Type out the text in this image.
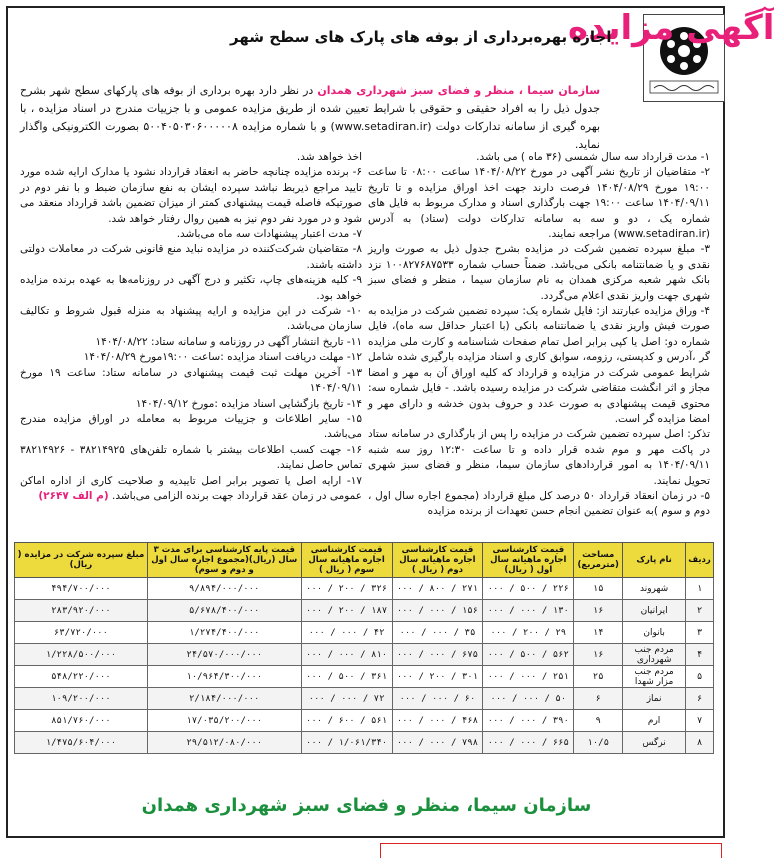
آگهی مزایده
اجازه بهره‌برداری از بوفه های پارک های سطح شهر
سازمان سیما ، منظر و فضای سبز شهرداری همدان در نظر دارد بهره برداری از بوفه های پارکهای سطح شهر بشرح جدول ذیل را به افراد حقیقی و حقوقی با شرایط تعیین شده از طریق مزایده عمومی و با جزییات مندرج در اسناد مزایده ، با بهره گیری از سامانه تدارکات دولت (www.setadiran.ir) و با شماره مزایده ۵۰۰۴۰۵۰۳۰۶۰۰۰۰۰۸ بصورت الکترونیکی واگذار نماید.

۱- مدت قرارداد سه سال شمسی (۳۶ ماه ) می باشد.

۲- متقاضیان از تاریخ نشر آگهی در مورخ ۱۴۰۴/۰۸/۲۲ ساعت ۰۸:۰۰ تا ساعت ۱۹:۰۰ مورخ ۱۴۰۴/۰۸/۲۹ فرصت دارند جهت اخذ اوراق مزایده و تا تاریخ ۱۴۰۴/۰۹/۱۱ ساعت ۱۹:۰۰ جهت بارگذاری اسناد و مدارک مربوط به فایل های شماره یک ، دو و سه به سامانه تدارکات دولت (ستاد) به آدرس (www.setadiran.ir) مراجعه نمایند.

۳- مبلغ سپرده تضمین شرکت در مزایده بشرح جدول ذیل به صورت واریز نقدی و یا ضمانتنامه بانکی می‌باشد. ضمناً حساب شماره ۱۰۰۸۲۷۶۸۷۵۳۳ نزد بانک شهر شعبه مرکزی همدان به نام سازمان سیما ، منظر و فضای سبز شهری جهت واریز نقدی اعلام می‌گردد.

۴- وراق مزایده عبارتند از: فایل شماره یک: سپرده تضمین شرکت در مزایده به صورت فیش واریز نقدی یا ضمانتنامه بانکی (با اعتبار حداقل سه ماه)، فایل شماره دو: اصل یا کپی برابر اصل تمام صفحات شناسنامه و کارت ملی مزایده گر ،آدرس و کدپستی، رزومه، سوابق کاری و اسناد مزایده بارگیری شده شامل شرایط عمومی شرکت در مزایده و قرارداد که کلیه اوراق آن به مهر و امضا مجاز و اثر انگشت متقاضی شرکت در مزایده رسیده باشد. - فایل شماره سه: محتوی قیمت پیشنهادی به صورت عدد و حروف بدون خدشه و دارای مهر و امضا مزایده گر است.

تذکر: اصل سپرده تضمین شرکت در مزایده را پس از بارگذاری در سامانه ستاد در پاکت مهر و موم شده قرار داده و تا ساعت ۱۲:۳۰ روز سه شنبه ۱۴۰۴/۰۹/۱۱ به امور قراردادهای سازمان سیما، منظر و فضای سبز شهری تحویل نمایند.

۵- در زمان انعقاد قرارداد ۵۰ درصد کل مبلغ قرارداد (مجموع اجاره سال اول ، دوم و سوم )به عنوان تضمین انجام حسن تعهدات از برنده مزایده

اخذ خواهد شد.

۶- برنده مزایده چنانچه حاضر به انعقاد قرارداد نشود یا مدارک ارایه شده مورد تایید مراجع ذیربط نباشد سپرده ایشان به نفع سازمان ضبط و با نفر دوم در صورتیکه فاصله قیمت پیشنهادی کمتر از میزان تضمین باشد قرارداد منعقد می شود و در مورد نفر دوم نیز به همین روال رفتار خواهد شد.

۷- مدت اعتبار پیشنهادات سه ماه می‌باشد.

۸- متقاضیان شرکت‌کننده در مزایده نباید منع قانونی شرکت در معاملات دولتی داشته باشند.

۹- کلیه هزینه‌های چاپ، تکثیر و درج آگهی در روزنامه‌ها به عهده برنده مزایده خواهد بود.

۱۰- شرکت در این مزایده و ارایه پیشنهاد به منزله قبول شروط و تکالیف سازمان می‌باشد.

۱۱- تاریخ انتشار آگهی در روزنامه و سامانه ستاد: ۱۴۰۴/۰۸/۲۲

۱۲- مهلت دریافت اسناد مزایده :ساعت ۱۹:۰۰مورخ ۱۴۰۴/۰۸/۲۹

۱۳- آخرین مهلت ثبت قیمت پیشنهادی در سامانه ستاد: ساعت ۱۹ مورخ ۱۴۰۴/۰۹/۱۱

۱۴- تاریخ بازگشایی اسناد مزایده :مورخ ۱۴۰۴/۰۹/۱۲

۱۵- سایر اطلاعات و جزییات مربوط به معامله در اوراق مزایده مندرج می‌باشد.

۱۶- جهت کسب اطلاعات بیشتر با شماره تلفن‌های ۳۸۲۱۴۹۲۵ - ۳۸۲۱۴۹۲۶ تماس حاصل نمایند.

۱۷- ارایه اصل یا تصویر برابر اصل تاییدیه و صلاحیت کاری از اداره اماکن عمومی در زمان عقد قرارداد جهت برنده الزامی می‌باشد. (م الف ۲۶۴۷)

ردیف	نام پارک	مساحت (مترمربع)	قیمت کارشناسی اجاره ماهیانه سال اول ( ریال)	قیمت کارشناسی اجاره ماهیانه سال دوم ( ریال )	قیمت کارشناسی اجاره ماهیانه سال سوم ( ریال )	قیمت پایه کارشناسی برای مدت ۳ سال (ریال)(مجموع اجاره سال اول و دوم و سوم)	مبلغ سپرده شرکت در مزایده ( ریال)
۱	شهروند	۱۵	۲۲۶ / ۵۰۰ / ۰۰۰	۲۷۱ / ۸۰۰ / ۰۰۰	۳۲۶ / ۲۰۰ / ۰۰۰	۹/۸۹۴/۰۰۰/۰۰۰	۴۹۴/۷۰۰/۰۰۰
۲	ایرانیان	۱۶	۱۳۰ / ۰۰۰ / ۰۰۰	۱۵۶ / ۰۰۰ / ۰۰۰	۱۸۷ / ۲۰۰ / ۰۰۰	۵/۶۷۸/۴۰۰/۰۰۰	۲۸۳/۹۲۰/۰۰۰
۳	بانوان	۱۴	۲۹ / ۲۰۰ / ۰۰۰	۳۵ / ۰۰۰ / ۰۰۰	۴۲ / ۰۰۰ / ۰۰۰	۱/۲۷۴/۴۰۰/۰۰۰	۶۳/۷۲۰/۰۰۰
۴	مردم جنب شهرداری	۱۶	۵۶۲ / ۵۰۰ / ۰۰۰	۶۷۵ / ۰۰۰ / ۰۰۰	۸۱۰ / ۰۰۰ / ۰۰۰	۲۴/۵۷۰/۰۰۰/۰۰۰	۱/۲۲۸/۵۰۰/۰۰۰
۵	مردم جنب مزار شهدا	۲۵	۲۵۱ / ۰۰۰ / ۰۰۰	۳۰۱ / ۲۰۰ / ۰۰۰	۳۶۱ / ۵۰۰ / ۰۰۰	۱۰/۹۶۴/۳۰۰/۰۰۰	۵۴۸/۲۲۰/۰۰۰
۶	نماز	۶	۵۰ / ۰۰۰ / ۰۰۰	۶۰ / ۰۰۰ / ۰۰۰	۷۲ / ۰۰۰ / ۰۰۰	۲/۱۸۴/۰۰۰/۰۰۰	۱۰۹/۲۰۰/۰۰۰
۷	ارم	۹	۳۹۰ / ۰۰۰ / ۰۰۰	۴۶۸ / ۰۰۰ / ۰۰۰	۵۶۱ / ۶۰۰ / ۰۰۰	۱۷/۰۳۵/۲۰۰/۰۰۰	۸۵۱/۷۶۰/۰۰۰
۸	نرگس	۱۰/۵	۶۶۵ / ۰۰۰ / ۰۰۰	۷۹۸ / ۰۰۰ / ۰۰۰	۱/۰۶۱/۳۴۰ / ۰۰۰	۲۹/۵۱۲/۰۸۰/۰۰۰	۱/۴۷۵/۶۰۴/۰۰۰
سازمان سیما، منظر و فضای سبز شهرداری همدان
